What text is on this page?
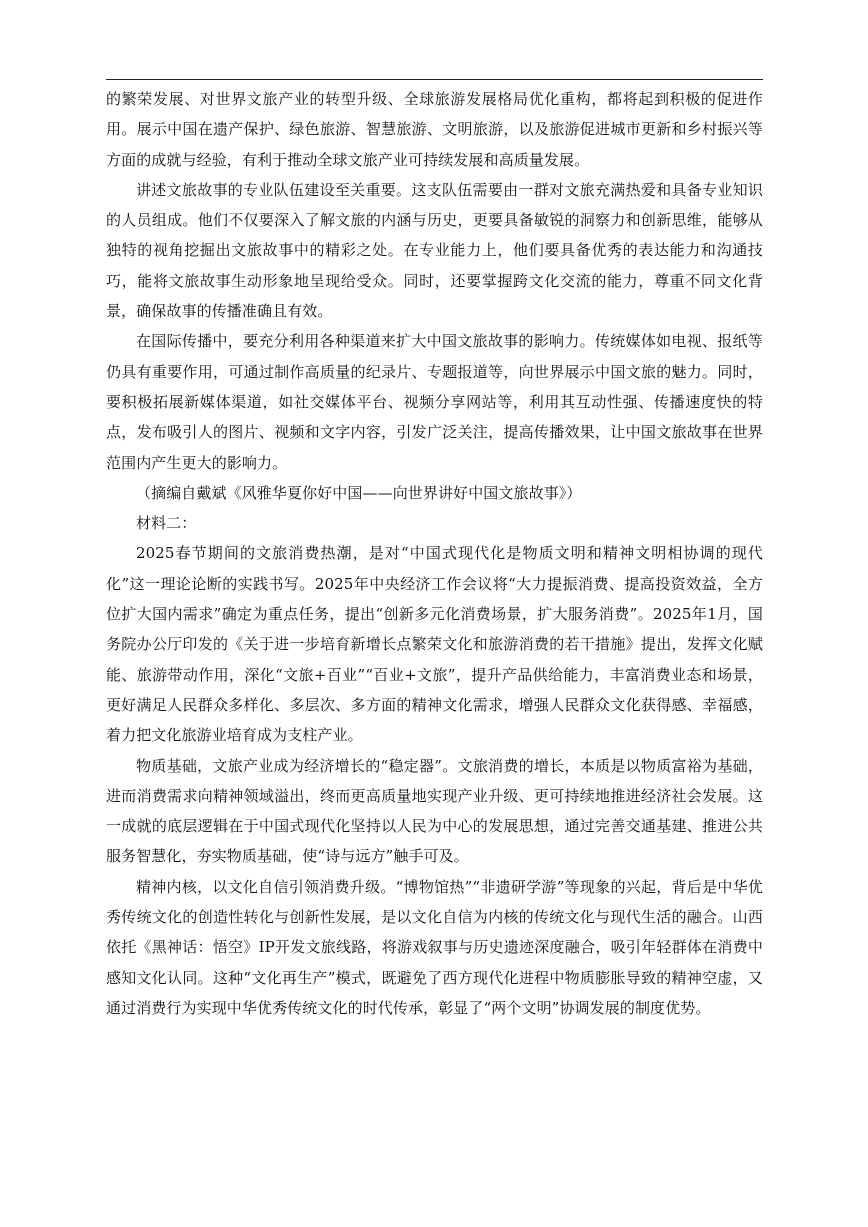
的繁荣发展、对世界文旅产业的转型升级、全球旅游发展格局优化重构，都将起到积极的促进作用。展示中国在遗产保护、绿色旅游、智慧旅游、文明旅游，以及旅游促进城市更新和乡村振兴等方面的成就与经验，有利于推动全球文旅产业可持续发展和高质量发展。

讲述文旅故事的专业队伍建设至关重要。这支队伍需要由一群对文旅充满热爱和具备专业知识的人员组成。他们不仅要深入了解文旅的内涵与历史，更要具备敏锐的洞察力和创新思维，能够从独特的视角挖掘出文旅故事中的精彩之处。在专业能力上，他们要具备优秀的表达能力和沟通技巧，能将文旅故事生动形象地呈现给受众。同时，还要掌握跨文化交流的能力，尊重不同文化背景，确保故事的传播准确且有效。

在国际传播中，要充分利用各种渠道来扩大中国文旅故事的影响力。传统媒体如电视、报纸等仍具有重要作用，可通过制作高质量的纪录片、专题报道等，向世界展示中国文旅的魅力。同时，要积极拓展新媒体渠道，如社交媒体平台、视频分享网站等，利用其互动性强、传播速度快的特点，发布吸引人的图片、视频和文字内容，引发广泛关注，提高传播效果，让中国文旅故事在世界范围内产生更大的影响力。

（摘编自戴斌《风雅华夏你好中国——向世界讲好中国文旅故事》）

材料二：

2025春节期间的文旅消费热潮，是对“中国式现代化是物质文明和精神文明相协调的现代化”这一理论论断的实践书写。2025年中央经济工作会议将“大力提振消费、提高投资效益，全方位扩大国内需求”确定为重点任务，提出“创新多元化消费场景，扩大服务消费”。2025年1月，国务院办公厅印发的《关于进一步培育新增长点繁荣文化和旅游消费的若干措施》提出，发挥文化赋能、旅游带动作用，深化“文旅+百业”“百业+文旅”，提升产品供给能力，丰富消费业态和场景，更好满足人民群众多样化、多层次、多方面的精神文化需求，增强人民群众文化获得感、幸福感，着力把文化旅游业培育成为支柱产业。

物质基础，文旅产业成为经济增长的“稳定器”。文旅消费的增长，本质是以物质富裕为基础，进而消费需求向精神领域溢出，终而更高质量地实现产业升级、更可持续地推进经济社会发展。这一成就的底层逻辑在于中国式现代化坚持以人民为中心的发展思想，通过完善交通基建、推进公共服务智慧化，夯实物质基础，使“诗与远方”触手可及。

精神内核，以文化自信引领消费升级。“博物馆热”“非遗研学游”等现象的兴起，背后是中华优秀传统文化的创造性转化与创新性发展，是以文化自信为内核的传统文化与现代生活的融合。山西依托《黑神话：悟空》IP开发文旅线路，将游戏叙事与历史遗迹深度融合，吸引年轻群体在消费中感知文化认同。这种“文化再生产”模式，既避免了西方现代化进程中物质膨胀导致的精神空虚，又通过消费行为实现中华优秀传统文化的时代传承，彰显了“两个文明”协调发展的制度优势。
